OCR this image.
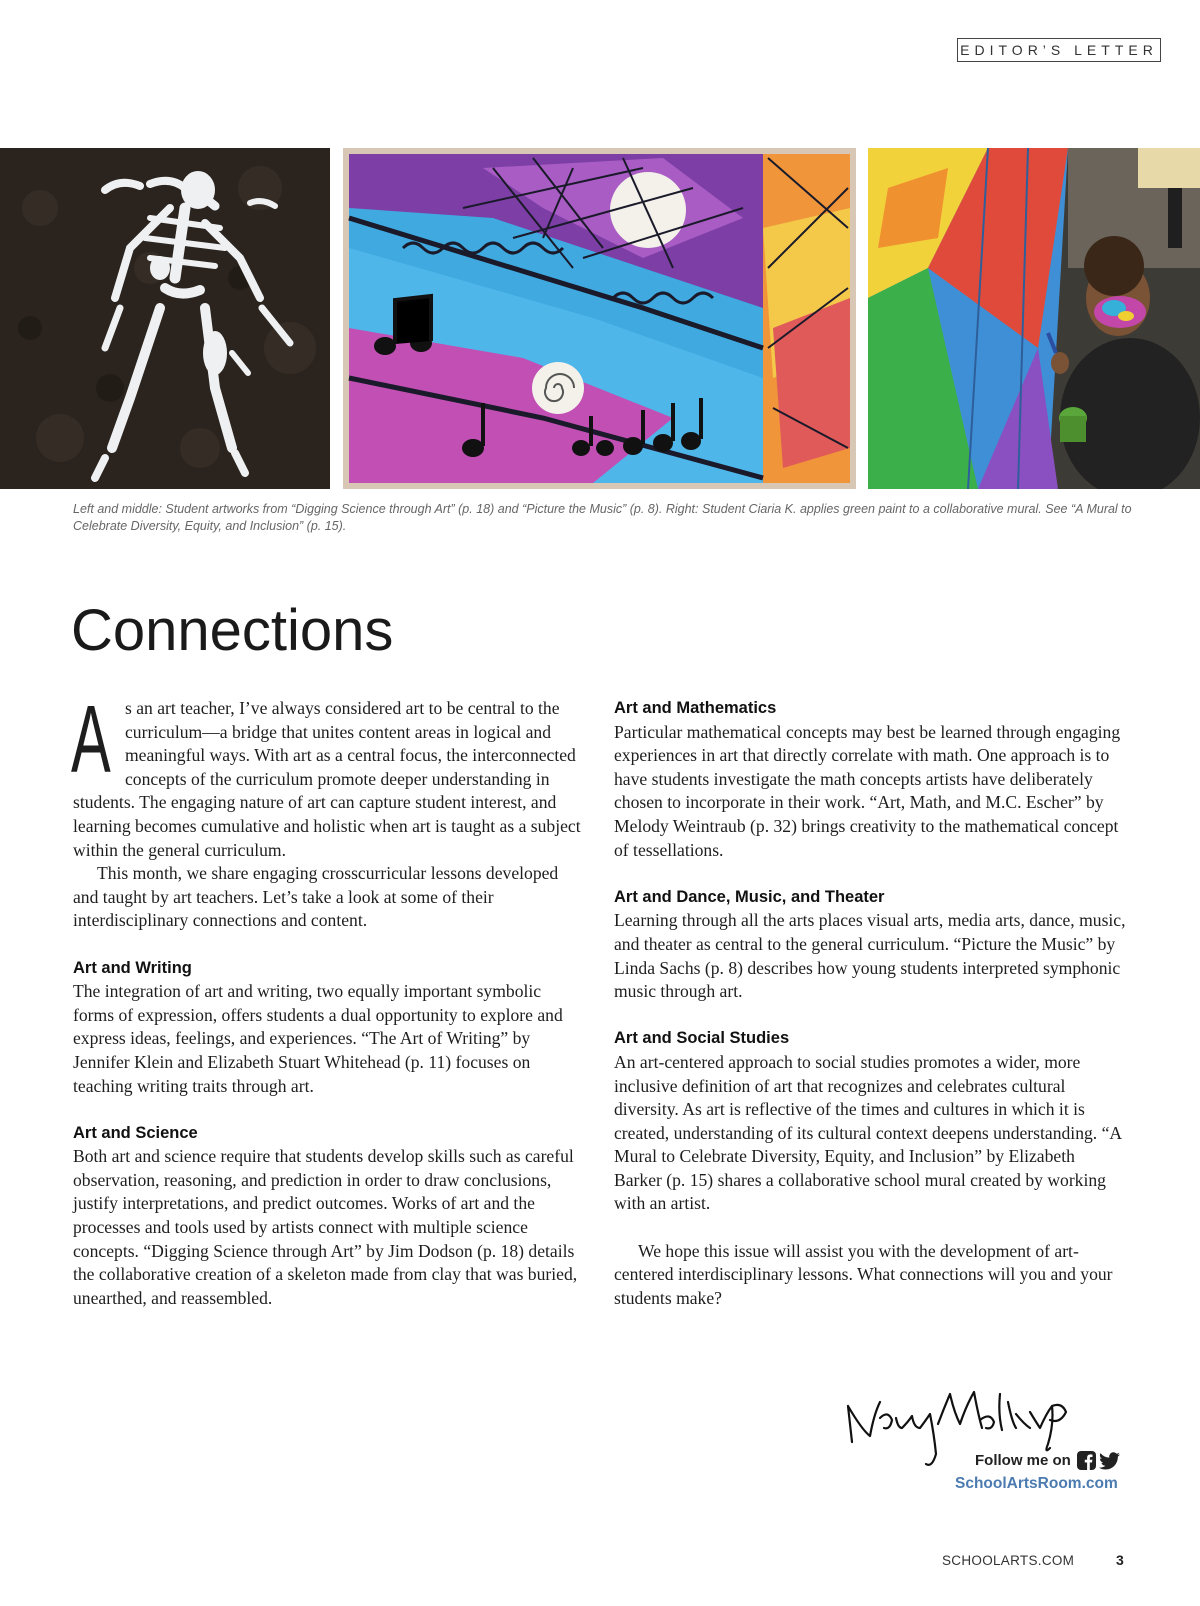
EDITOR’S LETTER
Left and middle: Student artworks from “Digging Science through Art” (p. 18) and “Picture the Music” (p. 8). Right: Student Ciaria K. applies green paint to a collaborative mural. See “A Mural to Celebrate Diversity, Equity, and Inclusion” (p. 15).
Connections

As an art teacher, I’ve always considered art to be central to the curriculum—a bridge that unites content areas in logical and meaningful ways. With art as a central focus, the interconnected concepts of the curriculum promote deeper understanding in students. The engaging nature of art can capture student interest, and learning becomes cumulative and holistic when art is taught as a subject within the general curriculum.

This month, we share engaging crosscurricular lessons developed and taught by art teachers. Let’s take a look at some of their interdisciplinary connections and content.

Art and Writing

The integration of art and writing, two equally important symbolic forms of expression, offers students a dual opportunity to explore and express ideas, feelings, and experiences. “The Art of Writing” by Jennifer Klein and Elizabeth Stuart Whitehead (p. 11) focuses on teaching writing traits through art.

Art and Science

Both art and science require that students develop skills such as careful observation, reasoning, and prediction in order to draw conclusions, justify interpretations, and predict outcomes. Works of art and the processes and tools used by artists connect with multiple science concepts. “Digging Science through Art” by Jim Dodson (p. 18) details the collaborative creation of a skeleton made from clay that was buried, unearthed, and reassembled.

Art and Mathematics

Particular mathematical concepts may best be learned through engaging experiences in art that directly correlate with math. One approach is to have students investigate the math concepts artists have deliberately chosen to incorporate in their work. “Art, Math, and M.C. Escher” by Melody Weintraub (p. 32) brings creativity to the mathematical concept of tessellations.

Art and Dance, Music, and Theater

Learning through all the arts places visual arts, media arts, dance, music, and theater as central to the general curriculum. “Picture the Music” by Linda Sachs (p. 8) describes how young students interpreted symphonic music through art.

Art and Social Studies

An art-centered approach to social studies promotes a wider, more inclusive definition of art that recognizes and celebrates cultural diversity. As art is reflective of the times and cultures in which it is created, understanding of its cultural context deepens understanding. “A Mural to Celebrate Diversity, Equity, and Inclusion” by Elizabeth Barker (p. 15) shares a collaborative school mural created by working with an artist.

We hope this issue will assist you with the development of art-centered interdisciplinary lessons. What connections will you and your students make?

Follow me on
SchoolArtsRoom.com
SCHOOLARTS.COM	3
